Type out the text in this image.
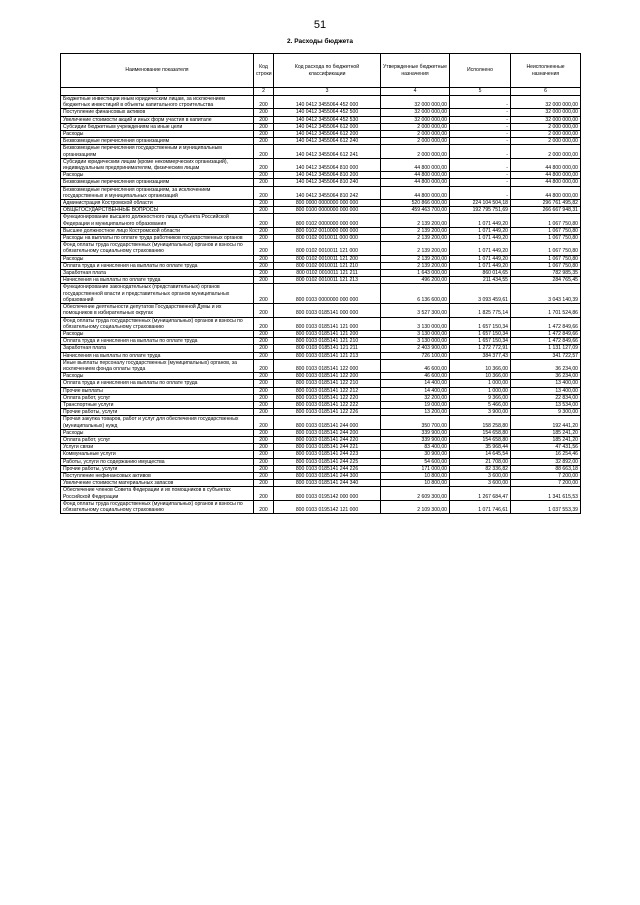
51
2. Расходы бюджета
Наименование показателя	Код строки	Код расхода по бюджетной классификации	Утвержденные бюджетные назначения	Исполнено	Неисполненные назначения
1	2	3	4	5	6
Бюджетные инвестиции иным юридическим лицам, за исключением бюджетных инвестиций в объекты капитального строительства	200	140 0412 3455064 452 000	32 000 000,00	-	32 000 000,00
Поступление финансовых активов	200	140 0412 3455064 452 500	32 000 000,00	-	32 000 000,00
Увеличение стоимости акций и иных форм участия в капитале	200	140 0412 3455064 452 530	32 000 000,00	-	32 000 000,00
Субсидии бюджетным учреждениям на иные цели	200	140 0412 3455064 612 000	2 000 000,00	-	2 000 000,00
Расходы	200	140 0412 3455064 612 200	2 000 000,00	-	2 000 000,00
Безвозмездные перечисления организациям	200	140 0412 3455064 612 240	2 000 000,00	-	2 000 000,00
Безвозмездные перечисления государственным и муниципальным организациям	200	140 0412 3455064 612 241	2 000 000,00	-	2 000 000,00
Субсидии юридическим лицам (кроме некоммерческих организаций), индивидуальным предпринимателям, физическим лицам	200	140 0412 3455064 810 000	44 800 000,00	-	44 800 000,00
Расходы	200	140 0412 3455064 810 200	44 800 000,00	-	44 800 000,00
Безвозмездные перечисления организациям	200	140 0412 3455064 810 240	44 800 000,00	-	44 800 000,00
Безвозмездные перечисления организациям, за исключением государственных и муниципальных организаций	200	140 0412 3455064 810 242	44 800 000,00	-	44 800 000,00
Администрация Костромской области	200	800 0000 0000000 000 000	520 866 000,00	224 104 504,18	296 761 495,82
ОБЩЕГОСУДАРСТВЕННЫЕ ВОПРОСЫ	200	800 0100 0000000 000 000	459 463 700,00	192 795 751,69	266 667 948,31
Функционирование высшего должностного лица субъекта Российской Федерации и муниципального образования	200	800 0102 0000000 000 000	2 139 200,00	1 071 449,20	1 067 750,80
Высшее должностное лицо Костромской области	200	800 0102 0010000 000 000	2 139 200,00	1 071 449,20	1 067 750,80
Расходы на выплаты по оплате труда работников государственных органов	200	800 0102 0010011 000 000	2 139 200,00	1 071 449,20	1 067 750,80
Фонд оплаты труда государственных (муниципальных) органов и взносы по обязательному социальному страхованию	200	800 0102 0010011 121 000	2 139 200,00	1 071 449,20	1 067 750,80
Расходы	200	800 0102 0010011 121 200	2 139 200,00	1 071 449,20	1 067 750,80
Оплата труда и начисления на выплаты по оплате труда	200	800 0102 0010011 121 210	2 139 200,00	1 071 449,20	1 067 750,80
Заработная плата	200	800 0102 0010011 121 211	1 643 000,00	860 014,65	782 985,35
Начисления на выплаты по оплате труда	200	800 0102 0010011 121 213	496 200,00	211 434,55	284 765,45
Функционирование законодательных (представительных) органов государственной власти и представительных органов муниципальных образований	200	800 0103 0000000 000 000	6 136 600,00	3 093 459,61	3 043 140,39
Обеспечение деятельности депутатов Государственной Думы и их помощников в избирательных округах	200	800 0103 0185141 000 000	3 527 300,00	1 825 775,14	1 701 524,86
Фонд оплаты труда государственных (муниципальных) органов и взносы по обязательному социальному страхованию	200	800 0103 0185141 121 000	3 130 000,00	1 657 150,34	1 472 849,66
Расходы	200	800 0103 0185141 121 200	3 130 000,00	1 657 150,34	1 472 849,66
Оплата труда и начисления на выплаты по оплате труда	200	800 0103 0185141 121 210	3 130 000,00	1 657 150,34	1 472 849,66
Заработная плата	200	800 0103 0185141 121 211	2 403 900,00	1 272 772,91	1 131 127,09
Начисления на выплаты по оплате труда	200	800 0103 0185141 121 213	726 100,00	384 377,43	341 722,57
Иные выплаты персоналу государственных (муниципальных) органов, за исключением фонда оплаты труда	200	800 0103 0185141 122 000	46 600,00	10 366,00	36 234,00
Расходы	200	800 0103 0185141 122 200	46 600,00	10 366,00	36 234,00
Оплата труда и начисления на выплаты по оплате труда	200	800 0103 0185141 122 210	14 400,00	1 000,00	13 400,00
Прочие выплаты	200	800 0103 0185141 122 212	14 400,00	1 000,00	13 400,00
Оплата работ, услуг	200	800 0103 0185141 122 220	32 200,00	9 366,00	22 834,00
Транспортные услуги	200	800 0103 0185141 122 222	19 000,00	5 466,00	13 534,00
Прочие работы, услуги	200	800 0103 0185141 122 226	13 200,00	3 900,00	9 300,00
Прочая закупка товаров, работ и услуг для обеспечения государственных (муниципальных) нужд	200	800 0103 0185141 244 000	350 700,00	158 258,80	192 441,20
Расходы	200	800 0103 0185141 244 200	339 900,00	154 658,80	185 241,20
Оплата работ, услуг	200	800 0103 0185141 244 220	339 900,00	154 658,80	185 241,20
Услуги связи	200	800 0103 0185141 244 221	83 400,00	35 968,44	47 431,56
Коммунальные услуги	200	800 0103 0185141 244 223	30 900,00	14 645,54	16 254,46
Работы, услуги по содержанию имущества	200	800 0103 0185141 244 225	54 600,00	21 708,00	32 892,00
Прочие работы, услуги	200	800 0103 0185141 244 226	171 000,00	82 336,82	88 663,18
Поступление нефинансовых активов	200	800 0103 0185141 244 300	10 800,00	3 600,00	7 200,00
Увеличение стоимости материальных запасов	200	800 0103 0185141 244 340	10 800,00	3 600,00	7 200,00
Обеспечение членов Совета Федерации и их помощников в субъектах Российской Федерации	200	800 0103 0195142 000 000	2 609 300,00	1 267 684,47	1 341 615,53
Фонд оплаты труда государственных (муниципальных) органов и взносы по обязательному социальному страхованию	200	800 0103 0195142 121 000	2 109 300,00	1 071 746,61	1 037 553,39
